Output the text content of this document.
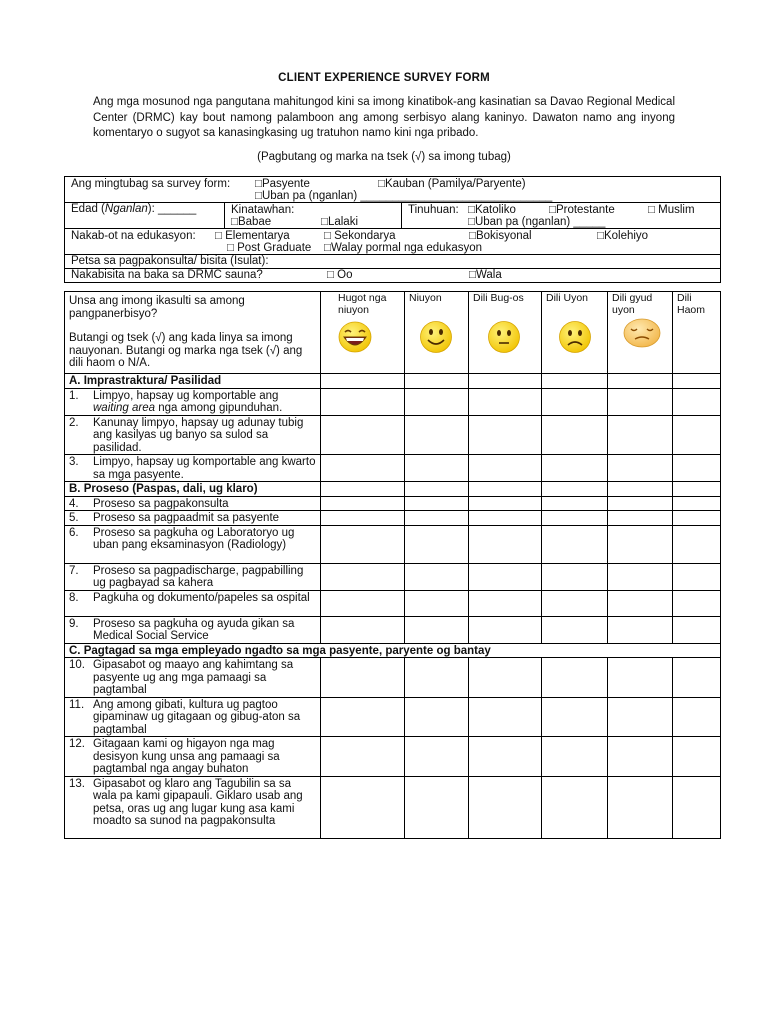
CLIENT EXPERIENCE SURVEY FORM
Ang mga mosunod nga pangutana mahitungod kini sa imong kinatibok-ang kasinatian sa Davao Regional Medical Center (DRMC) kay bout namong palamboon ang among serbisyo alang kaninyo. Dawaton namo ang inyong komentaryo o sugyot sa kanasingkasing ug tratuhon namo kini nga pribado.
(Pagbutang og marka na tsek (√) sa imong tubag)
Ang mingtubag sa survey form: □Pasyente	□Kauban (Pamilya/Paryente)
□Uban pa (nganlan) ______________________________

Edad (Nganlan): ______	Kinatawhan:
□Babae	□Lalaki

Tinuhuan: □Katoliko	□Protestante	□ Muslim
□Uban pa (nganlan) _____

Nakab-ot na edukasyon: □ Elementarya	□ Sekondarya	□Bokisyonal	□Kolehiyo
□ Post Graduate □Walay pormal nga edukasyon

Petsa sa pagpakonsulta/ bisita (Isulat):

Nakabisita na baka sa DRMC sauna?	□ Oo	□Wala
Unsa ang imong ikasulti sa among pangpanerbisyo?
Butangi og tsek (√) ang kada linya sa imong nauyonan. Butangi og marka nga tsek (√) ang dili haom o N/A.	Hugot nga niuyon	Niuyon	Dili Bug-os	Dili Uyon	Dili gyud uyon	Dili Haom

A. Imprastraktura/ Pasilidad						

1. Limpyo, hapsay ug komportable ang waiting area nga among gipunduhan.						

2. Kanunay limpyo, hapsay ug adunay tubig ang kasilyas ug banyo sa sulod sa pasilidad.						

3. Limpyo, hapsay ug komportable ang kwarto sa mga pasyente.						

B. Proseso (Paspas, dali, ug klaro)						

4. Proseso sa pagpakonsulta						

5. Proseso sa pagpaadmit sa pasyente						

6. Proseso sa pagkuha og Laboratoryo ug uban pang eksaminasyon (Radiology)						

7. Proseso sa pagpadischarge, pagpabilling ug pagbayad sa kahera						

8. Pagkuha og dokumento/papeles sa ospital						

9. Proseso sa pagkuha og ayuda gikan sa Medical Social Service						

C. Pagtagad sa mga empleyado ngadto sa mga pasyente, paryente og bantay						

10. Gipasabot og maayo ang kahimtang sa pasyente ug ang mga pamaagi sa pagtambal						

11. Ang among gibati, kultura ug pagtoo gipaminaw ug gitagaan og gibug-aton sa pagtambal						

12. Gitagaan kami og higayon nga mag desisyon kung unsa ang pamaagi sa pagtambal nga angay buhaton						

13. Gipasabot og klaro ang Tagubilin sa sa wala pa kami gipapauli. Giklaro usab ang petsa, oras ug ang lugar kung asa kami moadto sa sunod na pagpakonsulta						
